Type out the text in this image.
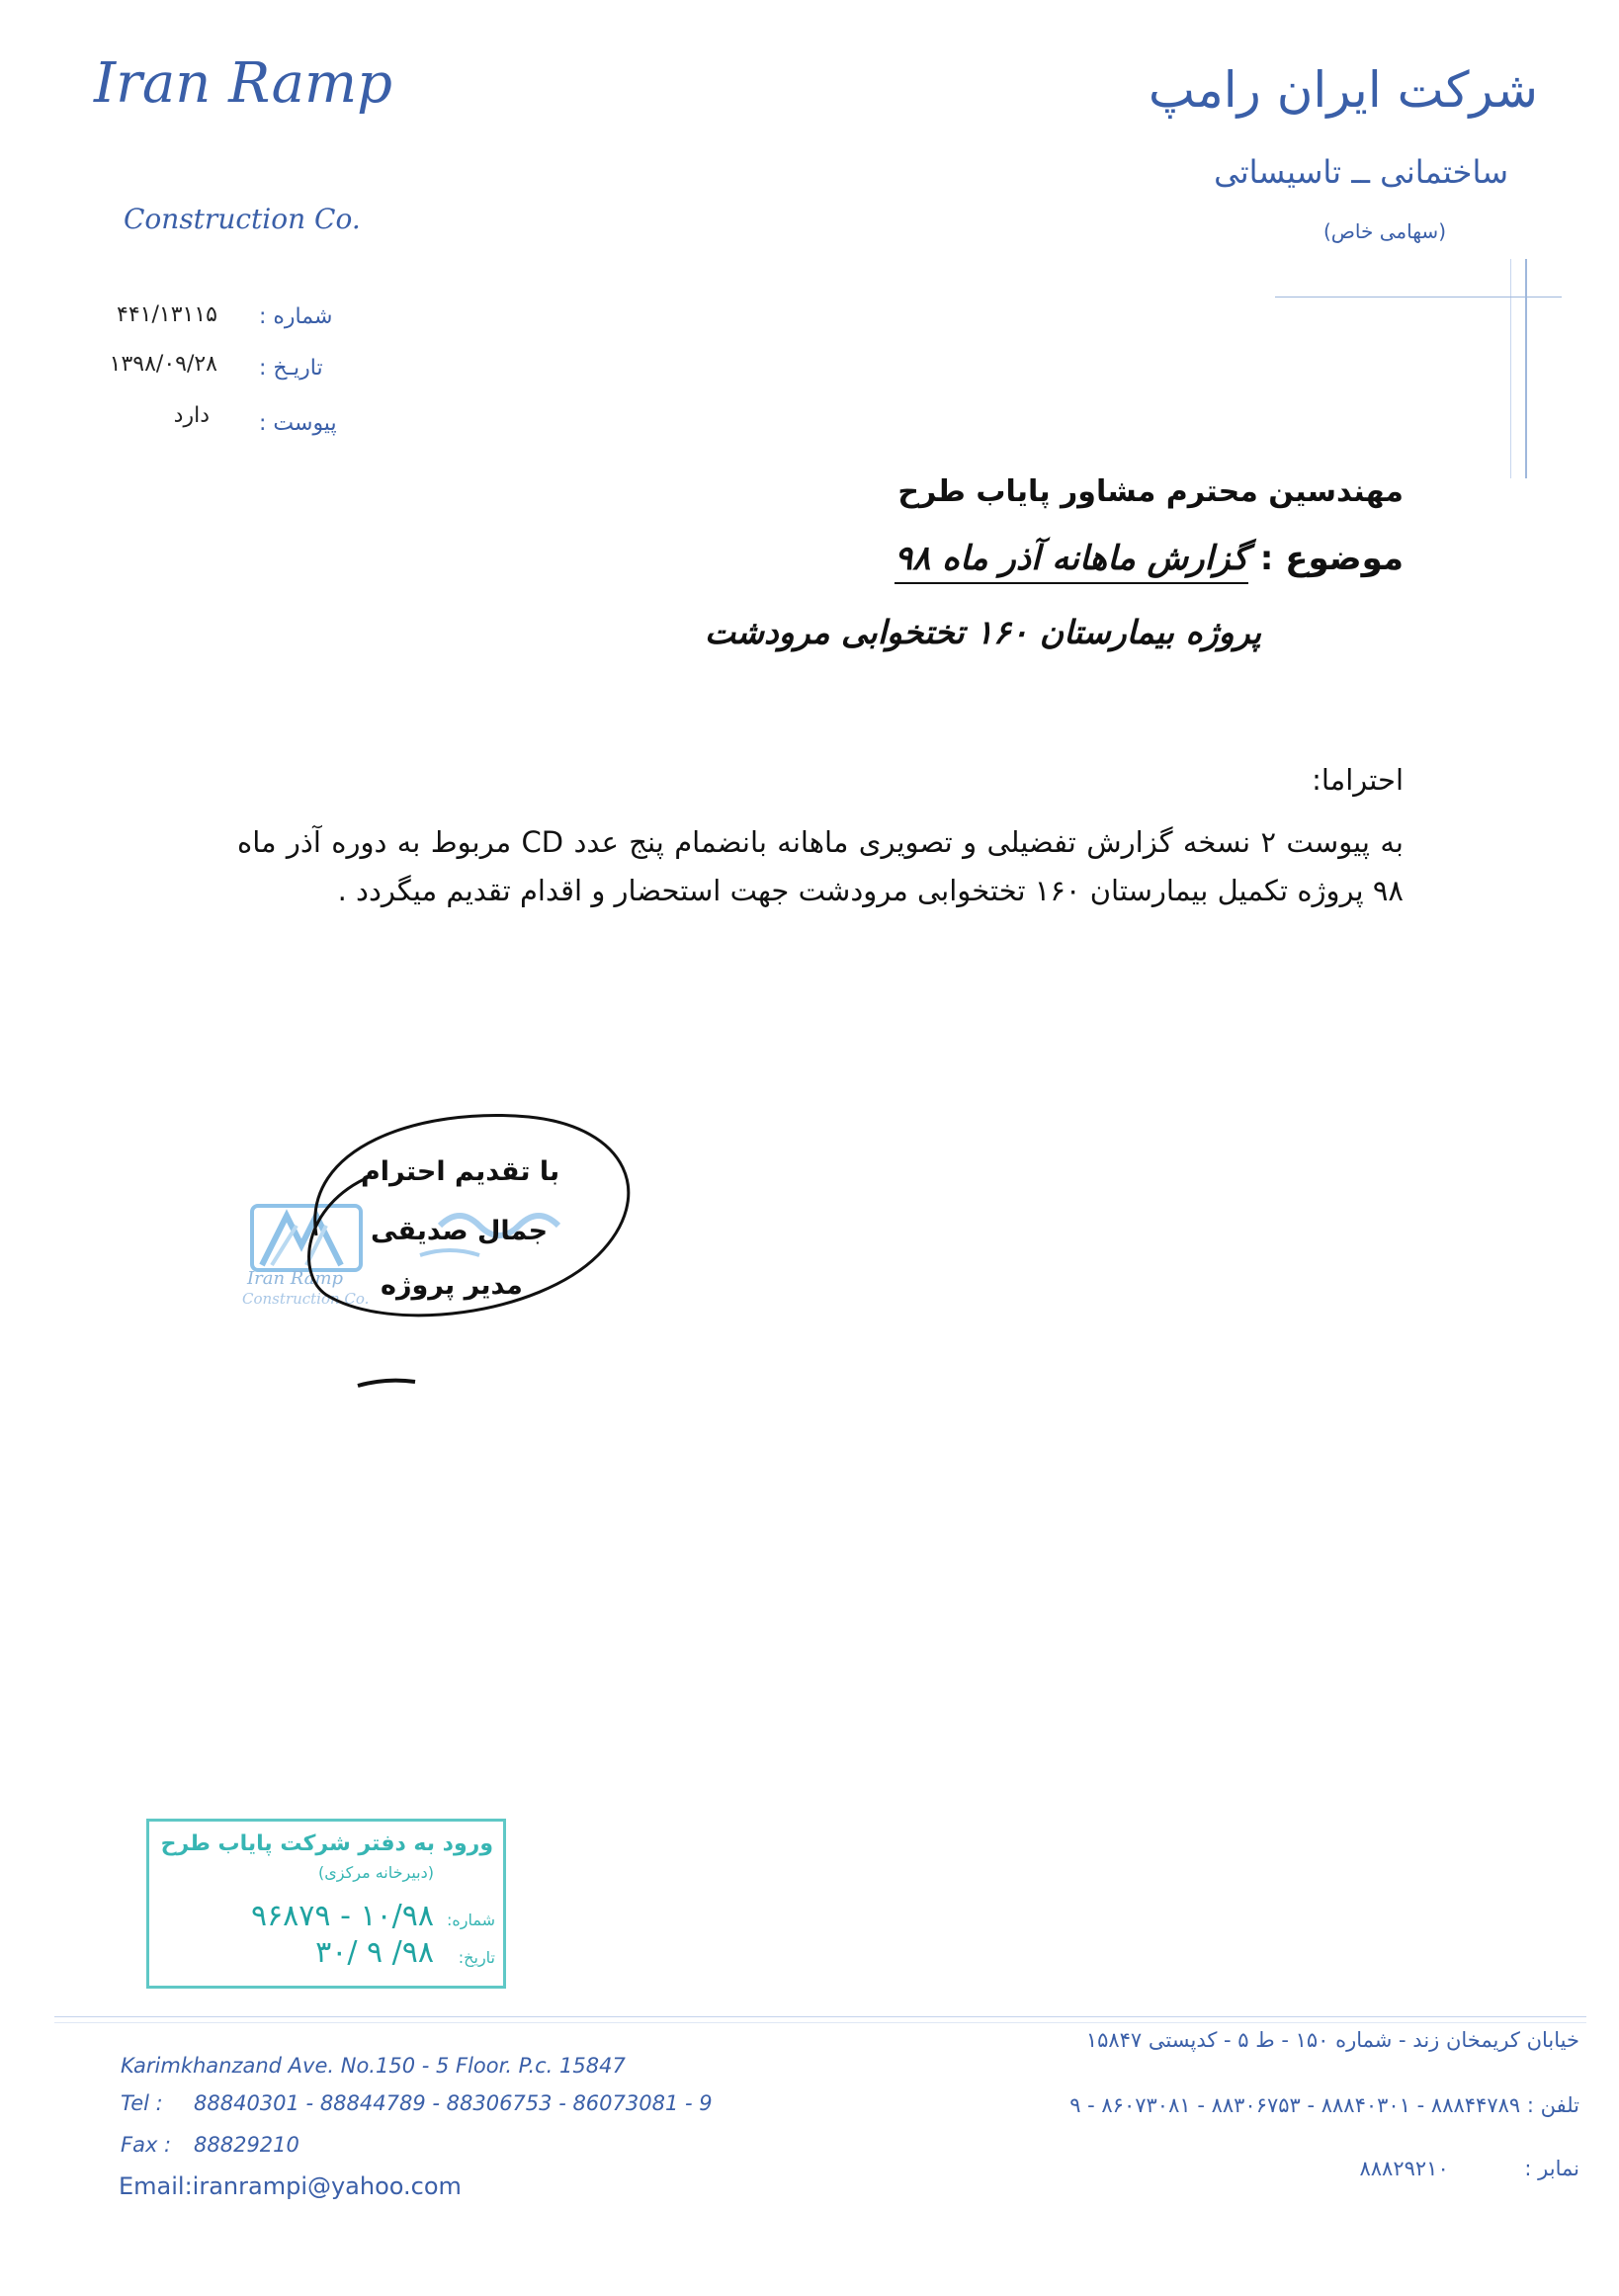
Iran Ramp
Construction Co.
شرکت ایران رامپ
ساختمانی ــ تاسیساتی
(سهامی خاص)
شماره :
۴۴۱/۱۳۱۱۵
تاریـخ :
۱۳۹۸/۰۹/۲۸
پیوست :
دارد
مهندسین محترم مشاور پایاب طرح
موضوع : گزارش ماهانه آذر ماه ۹۸
پروژه بیمارستان ۱۶۰ تختخوابی مرودشت
احتراما:
به پیوست ۲ نسخه گزارش تفضیلی و تصویری ماهانه بانضمام پنج عدد CD مربوط به دوره آذر ماه ۹۸ پروژه تکمیل بیمارستان ۱۶۰ تختخوابی مرودشت جهت استحضار و اقدام تقدیم میگردد .
Iran Ramp
Construction Co.
با تقدیم احترام
جمال صدیقی
مدیر پروژه
ورود به دفتر شرکت پایاب طرح
(دبیرخانه مرکزی)
شماره:
۱۰/۹۸ - ۹۶۸۷۹
تاریخ:
۹۸/ ۹ /۳۰
Karimkhanzand Ave. No.150 - 5 Floor. P.c. 15847
Tel : 88840301 - 88844789 - 88306753 - 86073081 - 9
Fax : 88829210
Email:iranrampi@yahoo.com
خیابان کریمخان زند - شماره ۱۵۰ - ط ۵ - کدپستی ۱۵۸۴۷
تلفن : ۸۸۸۴۴۷۸۹ - ۸۸۸۴۰۳۰۱ - ۸۸۳۰۶۷۵۳ - ۸۶۰۷۳۰۸۱ - ۹
نمابر : ۸۸۸۲۹۲۱۰
